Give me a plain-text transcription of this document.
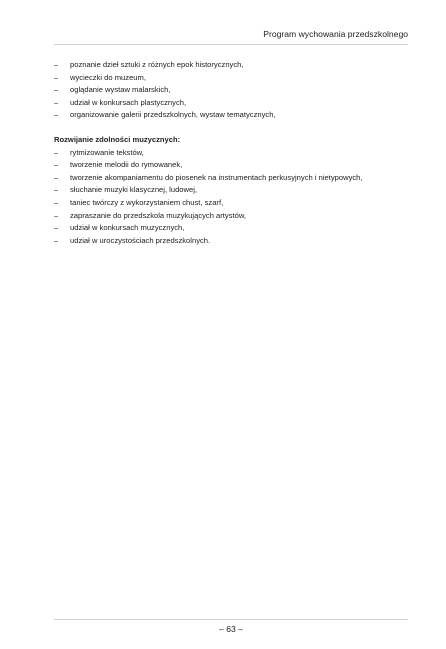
Program wychowania przedszkolnego
– poznanie dzieł sztuki z różnych epok historycznych,
– wycieczki do muzeum,
– oglądanie wystaw malarskich,
– udział w konkursach plastycznych,
– organizowanie galerii przedszkolnych, wystaw tematycznych,
Rozwijanie zdolności muzycznych:
– rytmizowanie tekstów,
– tworzenie melodii do rymowanek,
– tworzenie akompaniamentu do piosenek na instrumentach perkusyjnych i nietypowych,
– słuchanie muzyki klasycznej, ludowej,
– taniec twórczy z wykorzystaniem chust, szarf,
– zapraszanie do przedszkola muzykujących artystów,
– udział w konkursach muzycznych,
– udział w uroczystościach przedszkolnych.
– 63 –
